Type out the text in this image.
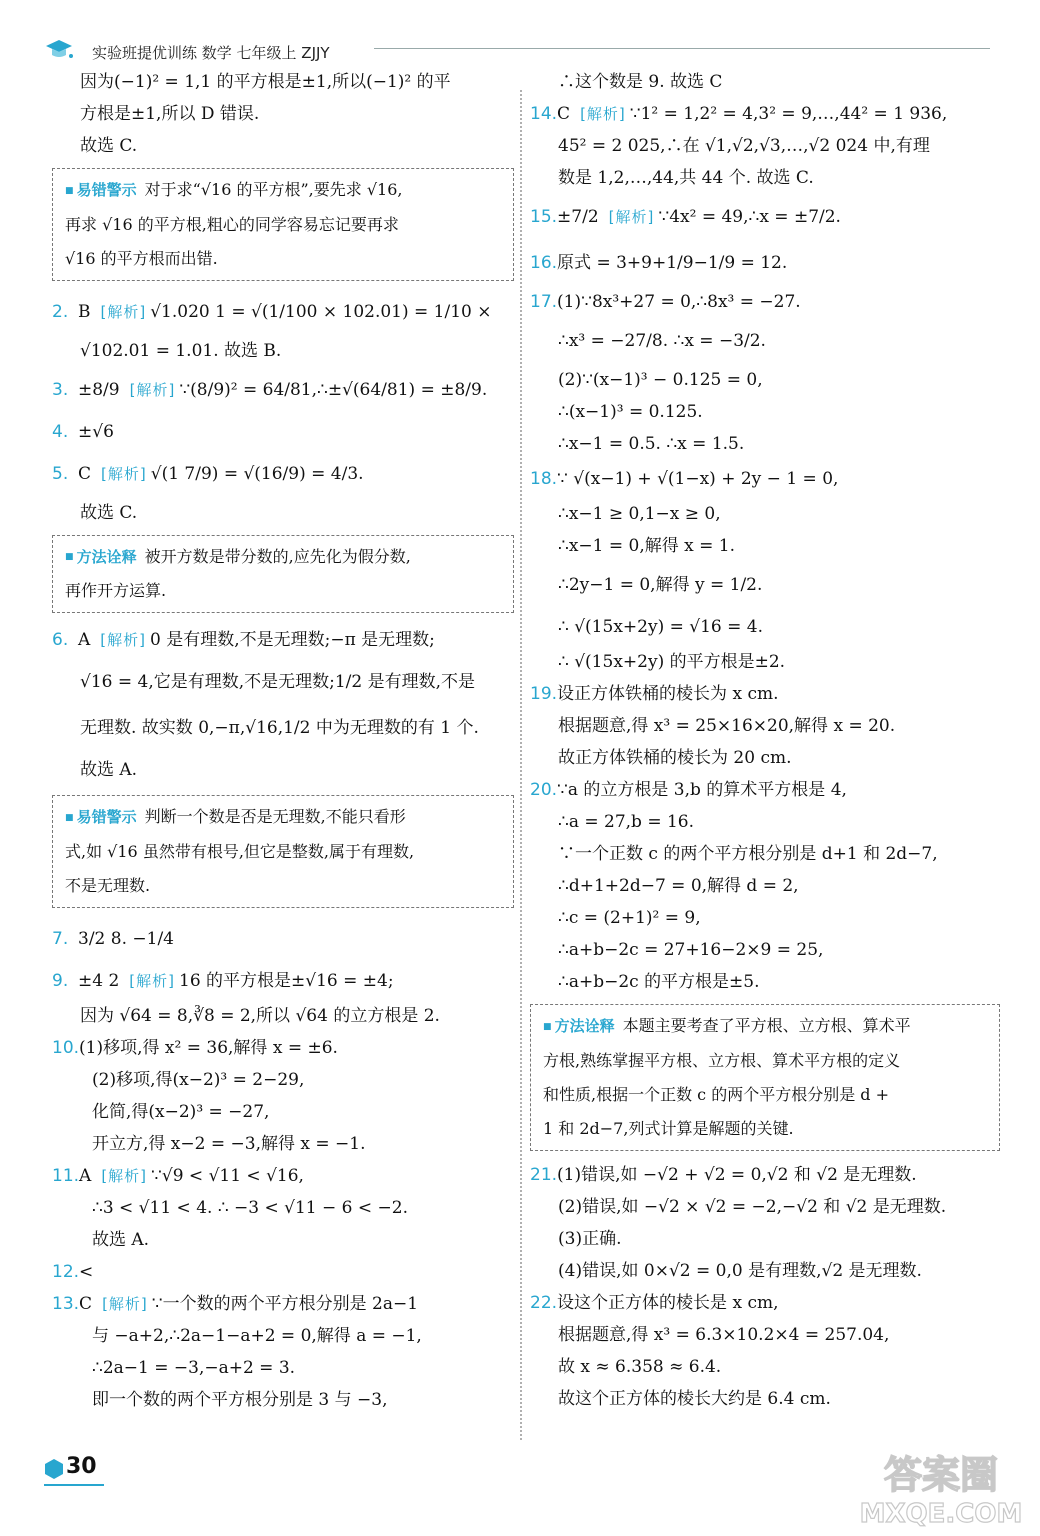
实验班提优训练 数学 七年级上 ZJJY
因为(−1)² = 1,1 的平方根是±1,所以(−1)² 的平
方根是±1,所以 D 错误.
故选 C.
■ 易错警示 对于求“√16 的平方根”,要先求 √16,
再求 √16 的平方根,粗心的同学容易忘记要再求
√16 的平方根而出错.
2. B [解析] √1.020 1 = √(1/100 × 102.01) = 1/10 ×
√102.01 = 1.01. 故选 B.
3. ±8/9 [解析] ∵(8/9)² = 64/81,∴±√(64/81) = ±8/9.
4. ±√6
5. C [解析] √(1 7/9) = √(16/9) = 4/3.
故选 C.
■ 方法诠释 被开方数是带分数的,应先化为假分数,
再作开方运算.
6. A [解析] 0 是有理数,不是无理数;−π 是无理数;
√16 = 4,它是有理数,不是无理数;1/2 是有理数,不是
无理数. 故实数 0,−π,√16,1/2 中为无理数的有 1 个.
故选 A.
■ 易错警示 判断一个数是否是无理数,不能只看形
式,如 √16 虽然带有根号,但它是整数,属于有理数,
不是无理数.
7. 3/2 8. −1/4
9. ±4 2 [解析] 16 的平方根是±√16 = ±4;
因为 √64 = 8,∛8 = 2,所以 √64 的立方根是 2.
10.(1)移项,得 x² = 36,解得 x = ±6.
(2)移项,得(x−2)³ = 2−29,
化简,得(x−2)³ = −27,
开立方,得 x−2 = −3,解得 x = −1.
11.A [解析] ∵√9 < √11 < √16,
∴3 < √11 < 4. ∴ −3 < √11 − 6 < −2.
故选 A.
12.<
13.C [解析] ∵一个数的两个平方根分别是 2a−1
与 −a+2,∴2a−1−a+2 = 0,解得 a = −1,
∴2a−1 = −3,−a+2 = 3.
即一个数的两个平方根分别是 3 与 −3,
∴这个数是 9. 故选 C
14.C [解析] ∵1² = 1,2² = 4,3² = 9,…,44² = 1 936,
45² = 2 025,∴在 √1,√2,√3,…,√2 024 中,有理
数是 1,2,…,44,共 44 个. 故选 C.
15.±7/2 [解析] ∵4x² = 49,∴x = ±7/2.
16.原式 = 3+9+1/9−1/9 = 12.
17.(1)∵8x³+27 = 0,∴8x³ = −27.
∴x³ = −27/8. ∴x = −3/2.
(2)∵(x−1)³ − 0.125 = 0,
∴(x−1)³ = 0.125.
∴x−1 = 0.5. ∴x = 1.5.
18.∵ √(x−1) + √(1−x) + 2y − 1 = 0,
∴x−1 ≥ 0,1−x ≥ 0,
∴x−1 = 0,解得 x = 1.
∴2y−1 = 0,解得 y = 1/2.
∴ √(15x+2y) = √16 = 4.
∴ √(15x+2y) 的平方根是±2.
19.设正方体铁桶的棱长为 x cm.
根据题意,得 x³ = 25×16×20,解得 x = 20.
故正方体铁桶的棱长为 20 cm.
20.∵a 的立方根是 3,b 的算术平方根是 4,
∴a = 27,b = 16.
∵一个正数 c 的两个平方根分别是 d+1 和 2d−7,
∴d+1+2d−7 = 0,解得 d = 2,
∴c = (2+1)² = 9,
∴a+b−2c = 27+16−2×9 = 25,
∴a+b−2c 的平方根是±5.
■ 方法诠释 本题主要考查了平方根、立方根、算术平
方根,熟练掌握平方根、立方根、算术平方根的定义
和性质,根据一个正数 c 的两个平方根分别是 d +
1 和 2d−7,列式计算是解题的关键.
21.(1)错误,如 −√2 + √2 = 0,√2 和 √2 是无理数.
(2)错误,如 −√2 × √2 = −2,−√2 和 √2 是无理数.
(3)正确.
(4)错误,如 0×√2 = 0,0 是有理数,√2 是无理数.
22.设这个正方体的棱长是 x cm,
根据题意,得 x³ = 6.3×10.2×4 = 257.04,
故 x ≈ 6.358 ≈ 6.4.
故这个正方体的棱长大约是 6.4 cm.
30	答案圈
MXQE.COM
